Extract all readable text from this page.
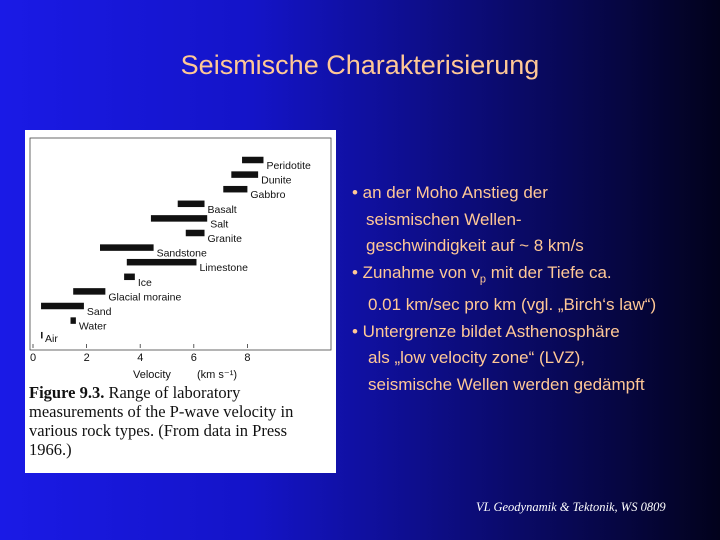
Seismische Charakterisierung
Peridotite
Dunite
Gabbro
Basalt
Salt
Granite
Sandstone
Limestone
Ice
Glacial moraine
Sand
Water
Air
0	2	4	6	8
Velocity (km s⁻¹)
Figure 9.3. Range of laboratory measurements of the P-wave velocity in various rock types. (From data in Press 1966.)
• an der Moho Anstieg der
seismischen Wellen-
geschwindigkeit auf ~ 8 km/s
• Zunahme von $v_p$ mit der Tiefe ca.
0.01 km/sec pro km (vgl. „Birch‘s law“)
• Untergrenze bildet Asthenosphäre
als „low velocity zone“ (LVZ),
seismische Wellen werden gedämpft
VL Geodynamik & Tektonik, WS 0809
